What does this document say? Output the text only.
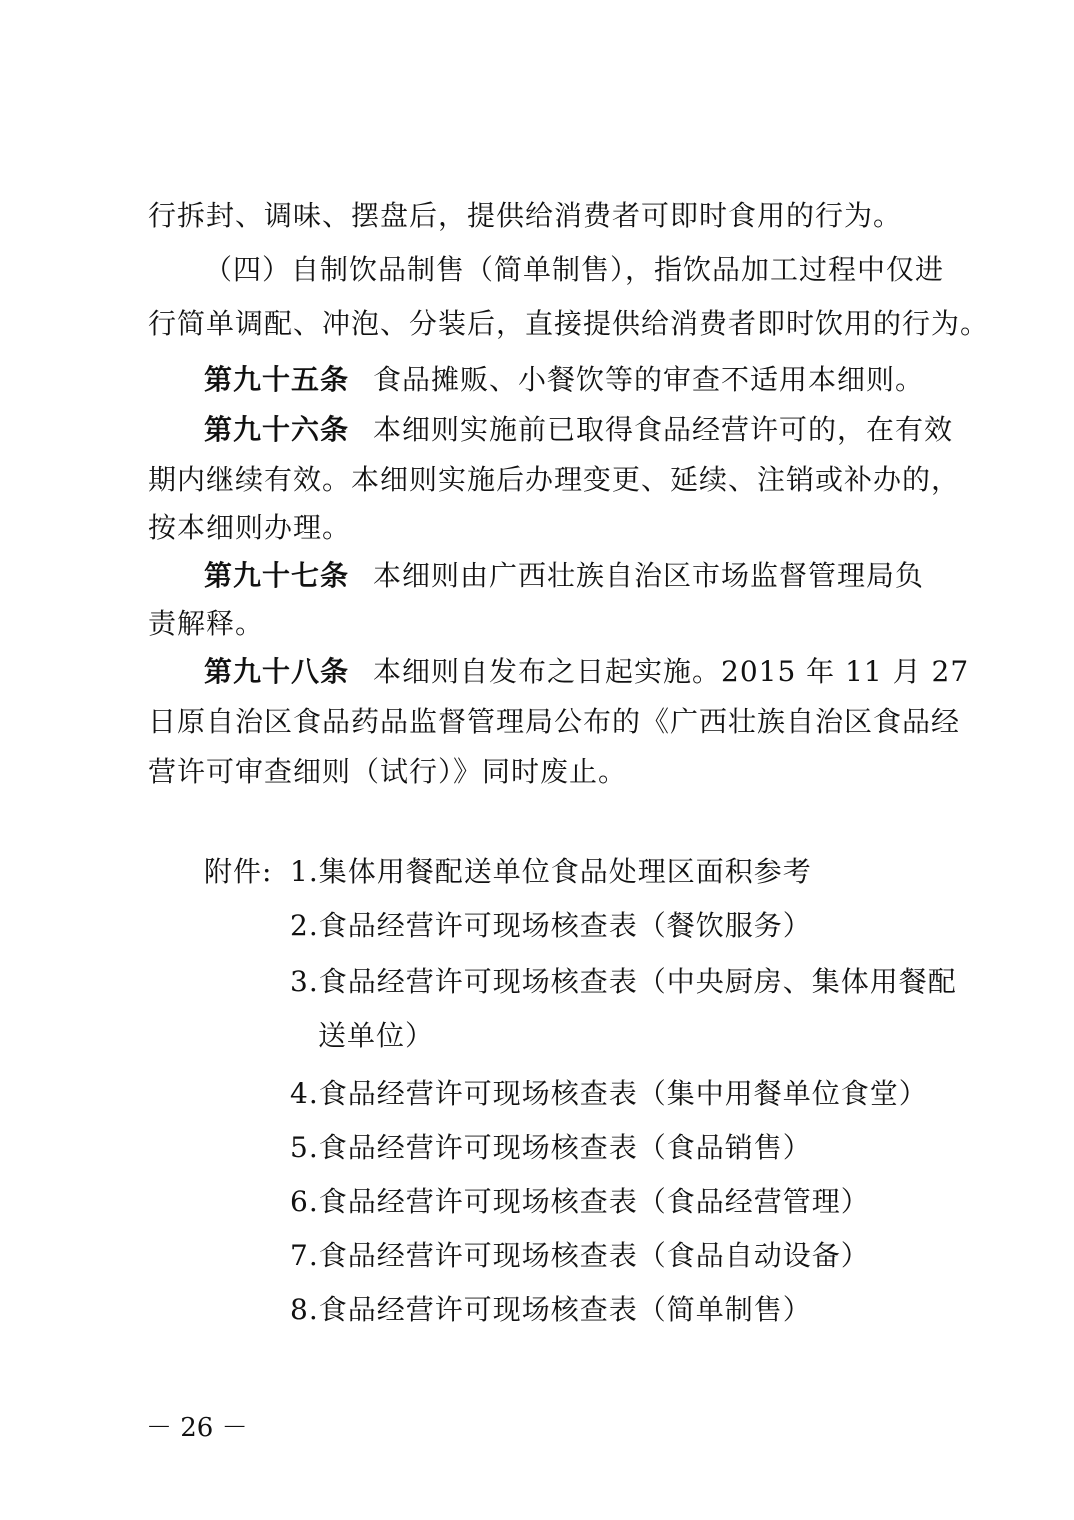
行拆封、调味、摆盘后，提供给消费者可即时食用的行为。
（四）自制饮品制售（简单制售），指饮品加工过程中仅进
行简单调配、冲泡、分装后，直接提供给消费者即时饮用的行为。
第九十五条 食品摊贩、小餐饮等的审查不适用本细则。
第九十六条 本细则实施前已取得食品经营许可的，在有效
期内继续有效。本细则实施后办理变更、延续、注销或补办的，
按本细则办理。
第九十七条 本细则由广西壮族自治区市场监督管理局负
责解释。
第九十八条 本细则自发布之日起实施。2015 年 11 月 27
日原自治区食品药品监督管理局公布的《广西壮族自治区食品经
营许可审查细则（试行）》同时废止。
附件: 1.集体用餐配送单位食品处理区面积参考
2.食品经营许可现场核查表（餐饮服务）
3.食品经营许可现场核查表（中央厨房、集体用餐配
送单位）
4.食品经营许可现场核查表（集中用餐单位食堂）
5.食品经营许可现场核查表（食品销售）
6.食品经营许可现场核查表（食品经营管理）
7.食品经营许可现场核查表（食品自动设备）
8.食品经营许可现场核查表（简单制售）
－ 26 －
